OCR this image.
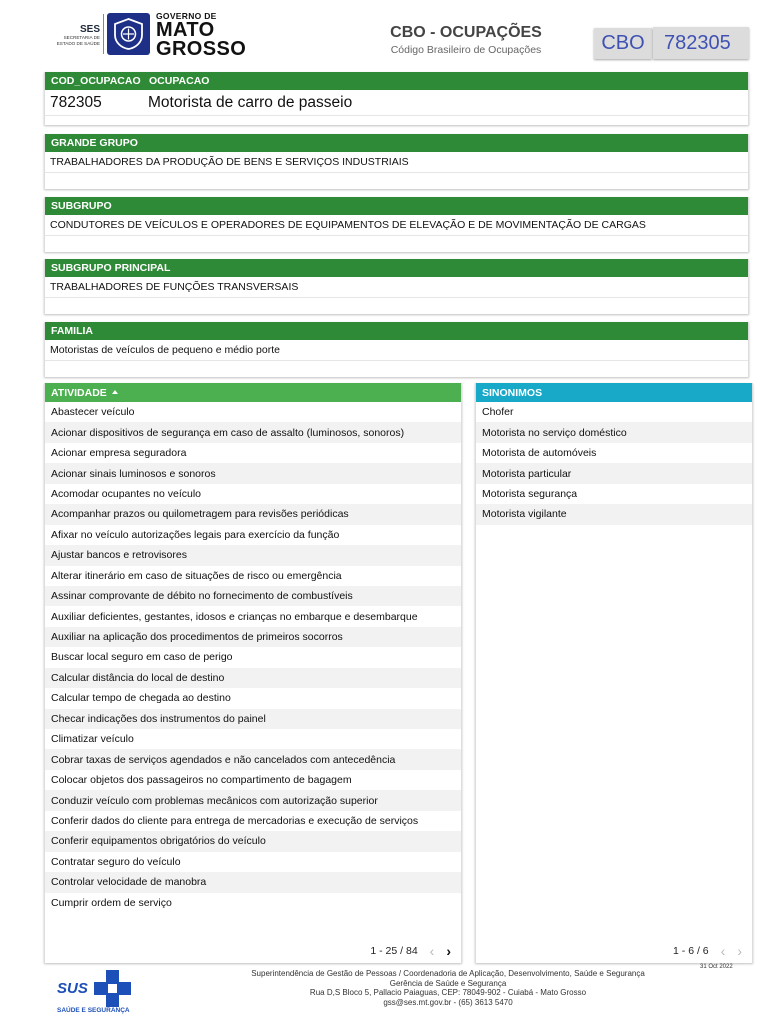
SES
SECRETARIA DE
ESTADO DE SAÚDE
GOVERNO DE
MATO
GROSSO
CBO - OCUPAÇÕES
Código Brasileiro de Ocupações	CBO 782305
COD_OCUPACAO OCUPACAO
782305	Motorista de carro de passeio
GRANDE GRUPO
TRABALHADORES DA PRODUÇÃO DE BENS E SERVIÇOS INDUSTRIAIS
SUBGRUPO
CONDUTORES DE VEÍCULOS E OPERADORES DE EQUIPAMENTOS DE ELEVAÇÃO E DE MOVIMENTAÇÃO DE CARGAS
SUBGRUPO PRINCIPAL
TRABALHADORES DE FUNÇÕES TRANSVERSAIS
FAMILIA
Motoristas de veículos de pequeno e médio porte
ATIVIDADE
Abastecer veículo
Acionar dispositivos de segurança em caso de assalto (luminosos, sonoros)
Acionar empresa seguradora
Acionar sinais luminosos e sonoros
Acomodar ocupantes no veículo
Acompanhar prazos ou quilometragem para revisões periódicas
Afixar no veículo autorizações legais para exercício da função
Ajustar bancos e retrovisores
Alterar itinerário em caso de situações de risco ou emergência
Assinar comprovante de débito no fornecimento de combustíveis
Auxiliar deficientes, gestantes, idosos e crianças no embarque e desembarque
Auxiliar na aplicação dos procedimentos de primeiros socorros
Buscar local seguro em caso de perigo
Calcular distância do local de destino
Calcular tempo de chegada ao destino
Checar indicações dos instrumentos do painel
Climatizar veículo
Cobrar taxas de serviços agendados e não cancelados com antecedência
Colocar objetos dos passageiros no compartimento de bagagem
Conduzir veículo com problemas mecânicos com autorização superior
Conferir dados do cliente para entrega de mercadorias e execução de serviços
Conferir equipamentos obrigatórios do veículo
Contratar seguro do veículo
Controlar velocidade de manobra
Cumprir ordem de serviço
1 - 25 / 84 ‹ ›
SINONIMOS
Chofer
Motorista no serviço doméstico
Motorista de automóveis
Motorista particular
Motorista segurança
Motorista vigilante
1 - 6 / 6 ‹ ›
31 Oct 2022
SUS
SAÚDE E SEGURANÇA
Superintendência de Gestão de Pessoas / Coordenadoria de Aplicação, Desenvolvimento, Saúde e Segurança
Gerência de Saúde e Segurança
Rua D,S Bloco 5, Pallacio Paiaguas, CEP: 78049-902 - Cuiabá - Mato Grosso
gss@ses.mt.gov.br - (65) 3613 5470
